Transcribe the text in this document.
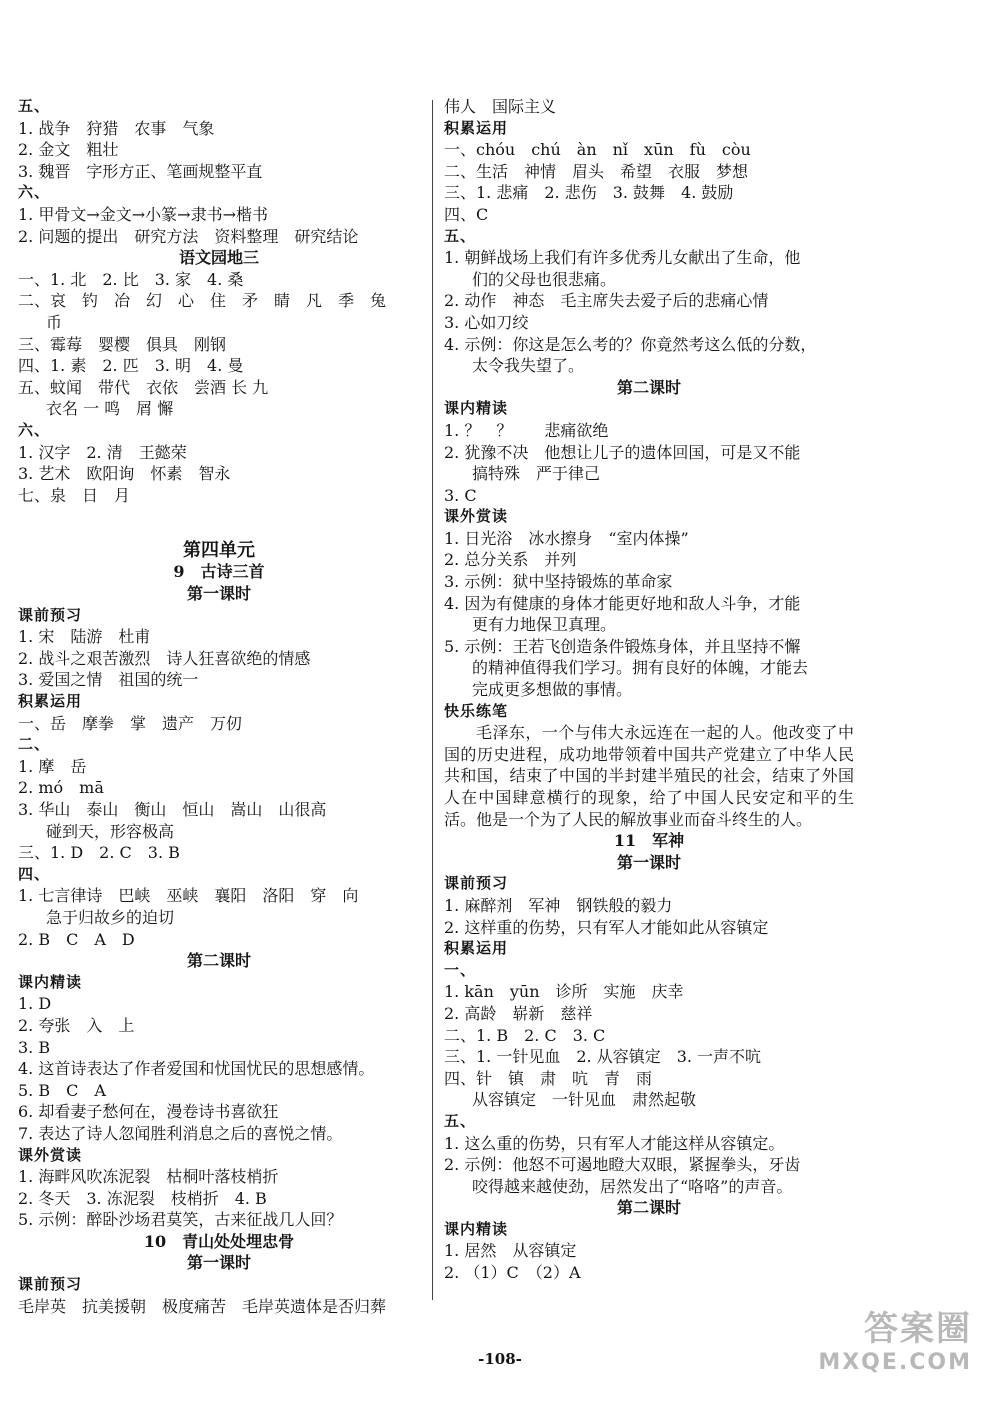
五、
1. 战争　狩猎　农事　气象
2. 金文　粗壮
3. 魏晋　字形方正、笔画规整平直
六、
1. 甲骨文→金文→小篆→隶书→楷书
2. 问题的提出　研究方法　资料整理　研究结论
语文园地三
一、1. 北　2. 比　3. 家　4. 桑
二、哀　钓　冶　幻　心　住　矛　睛　凡　季　兔
币
三、霉莓　婴樱　俱具　刚钢
四、1. 素　2. 匹　3. 明　4. 曼
五、蚊闻　带代　衣依　尝酒 长 九
衣名 一 鸣　屑 懈
六、
1. 汉字　2. 清　王懿荣
3. 艺术　欧阳询　怀素　智永
七、泉　日　月
第四单元
9　古诗三首
第一课时
课前预习
1. 宋　陆游　杜甫
2. 战斗之艰苦激烈　诗人狂喜欲绝的情感
3. 爱国之情　祖国的统一
积累运用
一、岳　摩拳　掌　遗产　万仞
二、
1. 摩　岳
2. mó　mā
3. 华山　泰山　衡山　恒山　嵩山　山很高
碰到天，形容极高
三、1. D　2. C　3. B
四、
1. 七言律诗　巴峡　巫峡　襄阳　洛阳　穿　向
急于归故乡的迫切
2. B　C　A　D
第二课时
课内精读
1. D
2. 夸张　入　上
3. B
4. 这首诗表达了作者爱国和忧国忧民的思想感情。
5. B　C　A
6. 却看妻子愁何在，漫卷诗书喜欲狂
7. 表达了诗人忽闻胜利消息之后的喜悦之情。
课外赏读
1. 海畔风吹冻泥裂　枯桐叶落枝梢折
2. 冬天　3. 冻泥裂　枝梢折　4. B
5. 示例：醉卧沙场君莫笑，古来征战几人回？
10　青山处处埋忠骨
第一课时
课前预习
毛岸英　抗美援朝　极度痛苦　毛岸英遗体是否归葬
伟人　国际主义
积累运用
一、chóu　chú　àn　nǐ　xūn　fù　còu
二、生活　神情　眉头　希望　衣服　梦想
三、1. 悲痛　2. 悲伤　3. 鼓舞　4. 鼓励
四、C
五、
1. 朝鲜战场上我们有许多优秀儿女献出了生命，他
们的父母也很悲痛。
2. 动作　神态　毛主席失去爱子后的悲痛心情
3. 心如刀绞
4. 示例：你这是怎么考的？你竟然考这么低的分数，
太令我失望了。
第二课时
课内精读
1. ？　？　　悲痛欲绝
2. 犹豫不决　他想让儿子的遗体回国，可是又不能
搞特殊　严于律己
3. C
课外赏读
1. 日光浴　冰水擦身　“室内体操”
2. 总分关系　并列
3. 示例：狱中坚持锻炼的革命家
4. 因为有健康的身体才能更好地和敌人斗争，才能
更有力地保卫真理。
5. 示例：王若飞创造条件锻炼身体，并且坚持不懈
的精神值得我们学习。拥有良好的体魄，才能去
完成更多想做的事情。
快乐练笔
毛泽东，一个与伟大永远连在一起的人。他改变了中国的历史进程，成功地带领着中国共产党建立了中华人民共和国，结束了中国的半封建半殖民的社会，结束了外国人在中国肆意横行的现象，给了中国人民安定和平的生活。他是一个为了人民的解放事业而奋斗终生的人。
11　军神
第一课时
课前预习
1. 麻醉剂　军神　钢铁般的毅力
2. 这样重的伤势，只有军人才能如此从容镇定
积累运用
一、
1. kān　yūn　诊所　实施　庆幸
2. 高龄　崭新　慈祥
二、1. B　2. C　3. C
三、1. 一针见血　2. 从容镇定　3. 一声不吭
四、针　镇　肃　吭　青　雨
从容镇定　一针见血　肃然起敬
五、
1. 这么重的伤势，只有军人才能这样从容镇定。
2. 示例：他怒不可遏地瞪大双眼，紧握拳头，牙齿
咬得越来越使劲，居然发出了“咯咯”的声音。
第二课时
课内精读
1. 居然　从容镇定
2. （1）C　（2）A
-108-
答案圈
MXQE.COM
